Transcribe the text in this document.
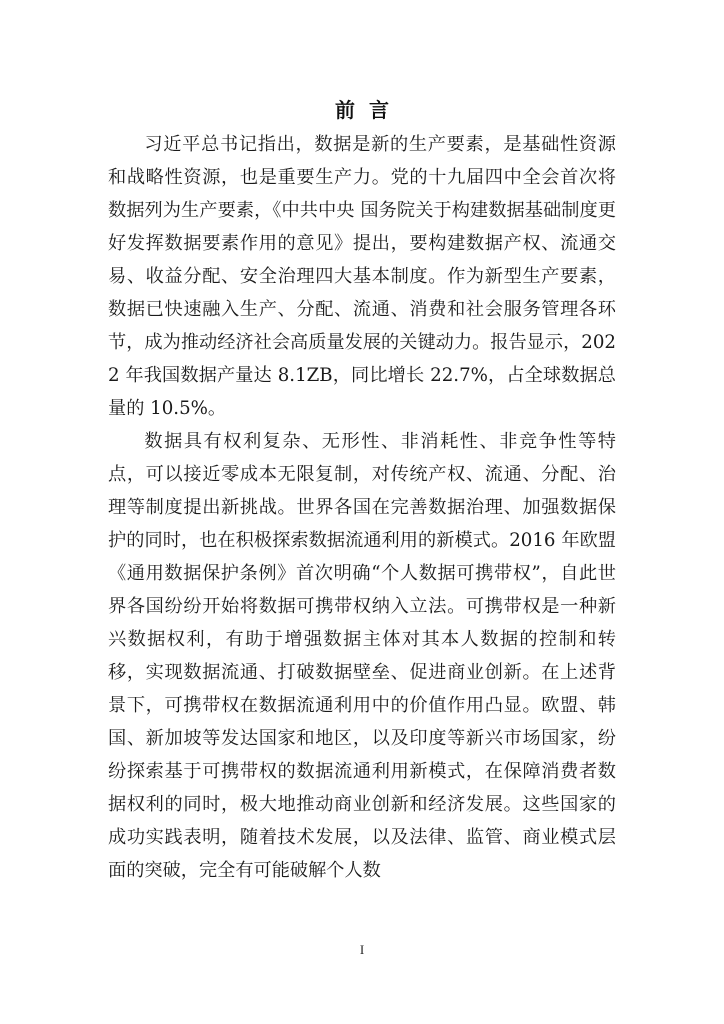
前言

习近平总书记指出，数据是新的生产要素，是基础性资源和战略性资源，也是重要生产力。党的十九届四中全会首次将数据列为生产要素，《中共中央 国务院关于构建数据基础制度更好发挥数据要素作用的意见》提出，要构建数据产权、流通交易、收益分配、安全治理四大基本制度。作为新型生产要素，数据已快速融入生产、分配、流通、消费和社会服务管理各环节，成为推动经济社会高质量发展的关键动力。报告显示，2022 年我国数据产量达 8.1ZB，同比增长 22.7%，占全球数据总量的 10.5%。

数据具有权利复杂、无形性、非消耗性、非竞争性等特点，可以接近零成本无限复制，对传统产权、流通、分配、治理等制度提出新挑战。世界各国在完善数据治理、加强数据保护的同时，也在积极探索数据流通利用的新模式。2016 年欧盟《通用数据保护条例》首次明确“个人数据可携带权”，自此世界各国纷纷开始将数据可携带权纳入立法。可携带权是一种新兴数据权利，有助于增强数据主体对其本人数据的控制和转移，实现数据流通、打破数据壁垒、促进商业创新。在上述背景下，可携带权在数据流通利用中的价值作用凸显。欧盟、韩国、新加坡等发达国家和地区，以及印度等新兴市场国家，纷纷探索基于可携带权的数据流通利用新模式，在保障消费者数据权利的同时，极大地推动商业创新和经济发展。这些国家的成功实践表明，随着技术发展，以及法律、监管、商业模式层面的突破，完全有可能破解个人数

I
